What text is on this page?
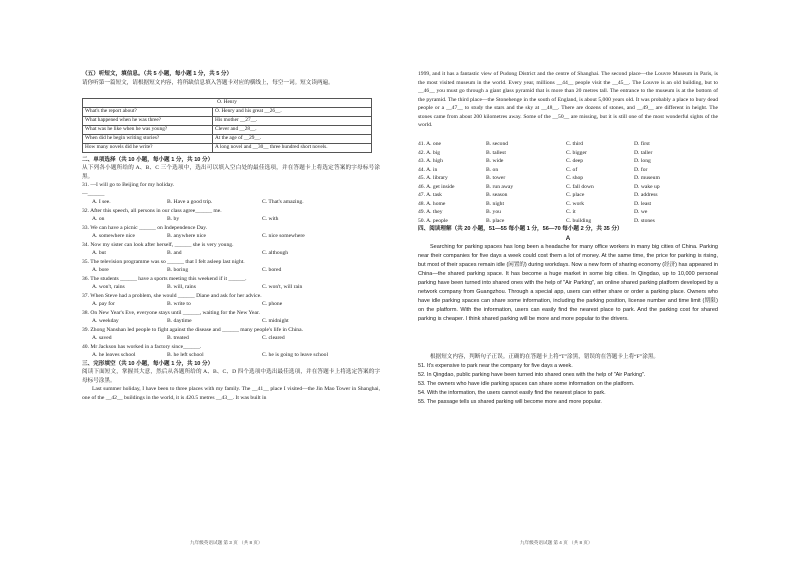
（五）听短文，填信息。（共 5 小题，每小题 1 分，共 5 分）
请你听第一篇短文，请根据短文内容，将所缺信息填入答题卡对应的横线上，每空一词。短文读两遍。
O. Henry	
What's the report about?	O. Henry and his great __26__.
What happened when he was three?	His mother __27__.
What was he like when he was young?	Clever and __28__.
When did he begin writing stories?	At the age of __29__.
How many novels did he write?	A long novel and __30__ three hundred short novels.
二、单项选择（共 10 小题，每小题 1 分，共 10 分）
从下列各小题所给的 A、B、C 三个选项中，选出可以填入空白处的最佳选项，并在答题卡上将选定答案的字母标号涂黑。
31. —I will go to Beijing for my holiday.
—______
A. I see.	B. Have a good trip.	C. That's amazing.
32. After this speech, all persons in our class agree______ me.
A. on	B. by	C. with
33. We can have a picnic ______ on Independence Day.
A. somewhere nice	B. anywhere nice	C. nice somewhere
34. Now my sister can look after herself, ______ she is very young.
A. but	B. and	C. although
35. The television programme was so ______ that I felt asleep last night.
A. bore	B. boring	C. bored
36. The students ______ have a sports meeting this weekend if it ______.
A. won't, rains	B. will, rains	C. won't, will rain
37. When Steve had a problem, she would ______ Diane and ask for her advice.
A. pay for	B. write to	C. phone
38. On New Year's Eve, everyone stays until ______, waiting for the New Year.
A. weekday	B. daytime	C. midnight
39. Zhong Nanshan led people to fight against the disease and ______ many people's life in China.
A. saved	B. treated	C. cleared
40. Mr Jackson has worked in a factory since______.
A. he leaves school	B. he left school	C. he is going to leave school
三、完形填空（共 10 小题，每小题 1 分，共 10 分）
阅读下面短文，掌握其大意，然后从各题所给的 A、B、C、D 四个选项中选出最佳选项，并在答题卡上将选定答案的字母标号涂黑。
Last summer holiday, I have been to three places with my family. The __41__ place I visited—the Jin Mao Tower in Shanghai, one of the __42__ buildings in the world, it is 420.5 metres __43__. It was built in
九年级英语试题 第 3 页 （共 8 页）
1999, and it has a fantastic view of Pudong District and the centre of Shanghai. The second place—the Louvre Museum in Paris, is the most visited museum in the world. Every year, millions __44__ people visit the __45__. The Louvre is an old building, but to __46__ you must go through a giant glass pyramid that is more than 20 metres tall. The entrance to the museum is at the bottom of the pyramid. The third place—the Stonehenge in the south of England, is about 5,000 years old. It was probably a place to bury dead people or a __47__ to study the stars and the sky at __48__. There are dozens of stones, and __49__ are different in height. The stones came from about 200 kilometres away. Some of the __50__ are missing, but it is still one of the most wonderful sights of the world.
41. A. one	B. second	C. third	D. first
42. A. big	B. tallest	C. bigger	D. taller
43. A. high	B. wide	C. deep	D. long
44. A. in	B. on	C. of	D. for
45. A. library	B. tower	C. shop	D. museum
46. A. get inside	B. run away	C. fall down	D. wake up
47. A. task	B. season	C. place	D. address
48. A. home	B. night	C. work	D. least
49. A. they	B. you	C. it	D. we
50. A. people	B. place	C. building	D. stones
四、阅读理解（共 20 小题，51—55 每小题 1 分，56—70 每小题 2 分，共 35 分）
A
Searching for parking spaces has long been a headache for many office workers in many big cities of China. Parking near their companies for five days a week could cost them a lot of money. At the same time, the price for parking is rising, but most of their spaces remain idle (闲置的) during workdays. Now a new form of sharing economy (经济) has appeared in China—the shared parking space. It has become a huge market in some big cities. In Qingdao, up to 10,000 personal parking have been turned into shared ones with the help of "Air Parking", an online shared parking platform developed by a network company from Guangzhou. Through a special app, users can either share or order a parking place. Owners who have idle parking spaces can share some information, including the parking position, license number and time limit (期限) on the platform. With the information, users can easily find the nearest place to park. And the parking cost for shared parking is cheaper. I think shared parking will be more and more popular to the drivers.
根据短文内容，判断句子正误。正确的在答题卡上将“T”涂黑，错误的在答题卡上将“F”涂黑。
51. It's expensive to park near the company for five days a week.
52. In Qingdao, public parking have been turned into shared ones with the help of "Air Parking".
53. The owners who have idle parking spaces can share some information on the platform.
54. With the information, the users cannot easily find the nearest place to park.
55. The passage tells us shared parking will become more and more popular.
九年级英语试题 第 4 页 （共 8 页）
